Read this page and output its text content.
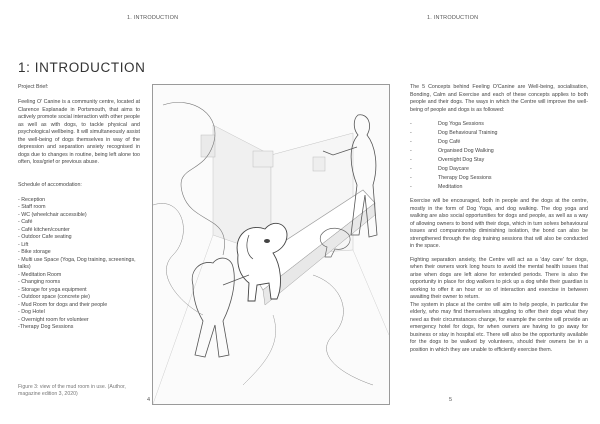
1. INTRODUCTION
1: INTRODUCTION

Project Brief:

Feeling O' Canine is a community centre, located at Clarence Esplanade in Portsmouth, that aims to actively promote social interaction with other people as well as with dogs, to tackle physical and psychological wellbeing. It will simultaneously assist the well-being of dogs themselves in way of the depression and separation anxiety recognised in dogs due to changes in routine, being left alone too often, loss/grief or previous abuse.

Schedule of accomodation:

- Reception
- Staff room
- WC (wheelchair accessible)
- Café
- Café kitchen/counter
- Outdoor Cafe seating
- Lift
- Bike storage
- Multi use Space (Yoga, Dog training, screenings, talks)
- Meditation Room
- Changing rooms
- Storage for yoga equipment
- Outdoor space (concrete pie)
- Mud Room for dogs and their people
- Dog Hotel
- Overnight room for volunteer
-Therapy Dog Sessions
Figure 3: view of the mud room in use. (Author, magazine edition 3, 2020)
4
1. INTRODUCTION

The 5 Concepts behind Feeling O'Canine are Well-being, socialisation, Bonding, Calm and Exercise and each of these concepts applies to both people and their dogs. The ways in which the Centre will improve the well-being of people and dogs is as followed:

-	Dog Yoga Sessions
-	Dog Behavioural Training
-	Dog Café
-	Organised Dog Walking
-	Overnight Dog Stay
-	Dog Daycare
-	Therapy Dog Sessions
-	Meditation

Exercise will be encouraged, both in people and the dogs at the centre, mostly in the form of Dog Yoga, and dog walking. The dog yoga and walking are also social opportunities for dogs and people, as well as a way of allowing owners to bond with their dogs, which in turn solves behavioural issues and companionship diminishing isolation, the bond can also be strengthened through the dog training sessions that will also be conducted in the space.

Fighting separation anxiety, the Centre will act as a 'day care' for dogs, when their owners work long hours to avoid the mental health issues that arise when dogs are left alone for extended periods. There is also the opportunity in place for dog walkers to pick up a dog while their guardian is working to offer it an hour or so of interaction and exercise in between awaiting their owner to return.

The system in place at the centre will aim to help people, in particular the elderly, who may find themselves struggling to offer their dogs what they need as their circumstances change, for example the centre will provide an emergency hotel for dogs, for when owners are having to go away for business or stay in hospital etc. There will also be the opportunity available for the dogs to be walked by volunteers, should their owners be in a position in which they are unable to efficiently exercise them.

5
